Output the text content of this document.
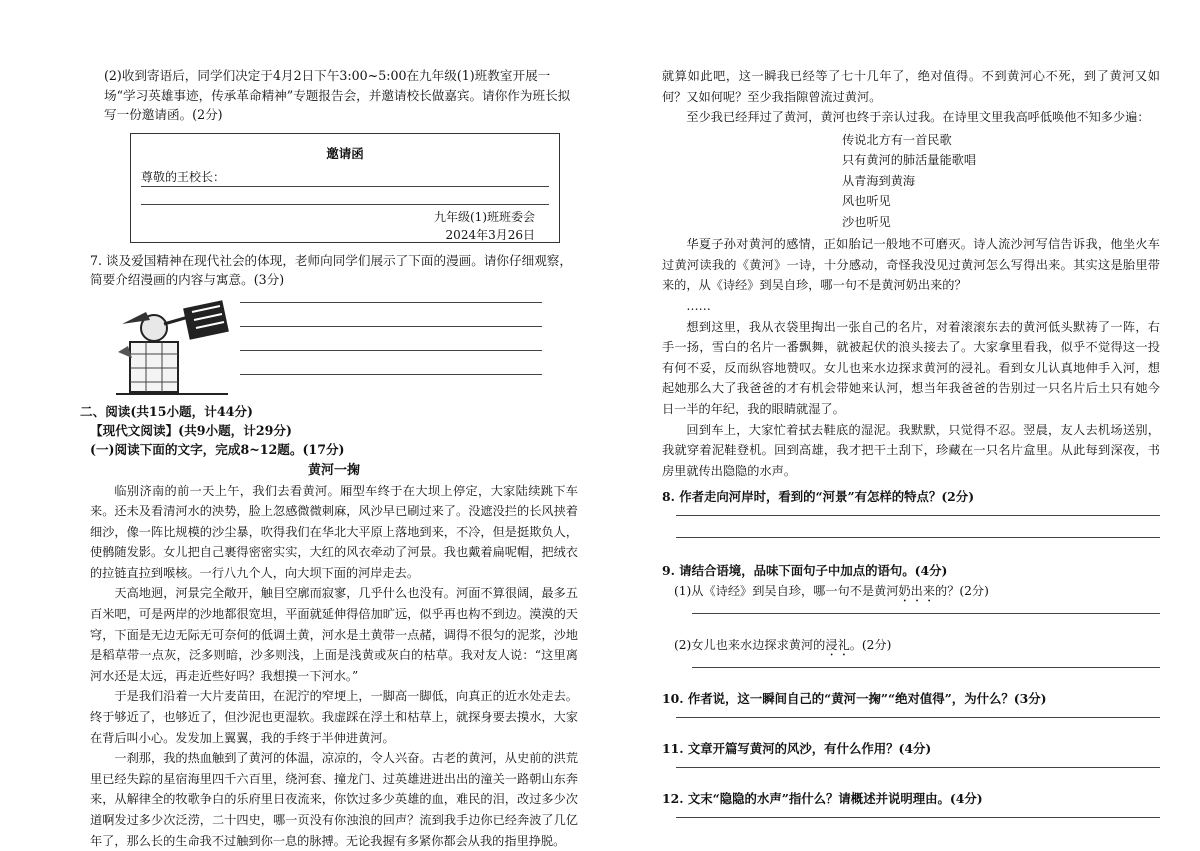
(2)收到寄语后，同学们决定于4月2日下午3:00~5:00在九年级(1)班教室开展一场“学习英雄事迹，传承革命精神”专题报告会，并邀请校长做嘉宾。请你作为班长拟写一份邀请函。(2分)

邀请函
尊敬的王校长：
九年级(1)班班委会
2024年3月26日

7. 谈及爱国精神在现代社会的体现，老师向同学们展示了下面的漫画。请你仔细观察，简要介绍漫画的内容与寓意。(3分)

二、阅读(共15小题，计44分)

【现代文阅读】(共9小题，计29分)

(一)阅读下面的文字，完成8~12题。(17分)

黄河一掬

临别济南的前一天上午，我们去看黄河。厢型车终于在大坝上停定，大家陆续跳下车来。还未及看清河水的泱势，脸上忽感微微刺麻，风沙早已刷过来了。没遮没拦的长风挟着细沙，像一阵比规模的沙尘暴，吹得我们在华北大平原上落地到来，不冷，但是挺欺负人，使鹘随发影。女儿把自己裹得密密实实，大红的风衣牵动了河景。我也戴着扁呢帽，把绒衣的拉链直拉到喉核。一行八九个人，向大坝下面的河岸走去。

天高地迥，河景完全敞开，触目空廓而寂寥，几乎什么也没有。河面不算很阔，最多五百米吧，可是两岸的沙地都很宽坦，平面就延伸得倍加旷远，似乎再也构不到边。漠漠的天穹，下面是无边无际无可奈何的低调土黄，河水是土黄带一点赭，调得不很匀的泥浆，沙地是稻草带一点灰，泛多则暗，沙多则浅，上面是浅黄或灰白的枯草。我对友人说：“这里离河水还是太远，再走近些好吗？我想摸一下河水。”

于是我们沿着一大片麦苗田，在泥泞的窄埂上，一脚高一脚低，向真正的近水处走去。终于够近了，也够近了，但沙泥也更湿软。我虚踩在浮土和枯草上，就探身要去摸水，大家在背后叫小心。发发加上翼翼，我的手终于半伸进黄河。

一刹那，我的热血触到了黄河的体温，凉凉的，令人兴奋。古老的黄河，从史前的洪荒里已经失踪的星宿海里四千六百里，绕河套、撞龙门、过英雄进进出出的潼关一路朝山东奔来，从解律全的牧歌争白的乐府里日夜流来，你饮过多少英雄的血，难民的泪，改过多少次道啊发过多少次泛涝，二十四史，哪一页没有你浊浪的回声？流到我手边你已经奔波了几亿年了，那么长的生命我不过触到你一息的脉搏。无论我握有多紧你都会从我的指里挣脱。

就算如此吧，这一瞬我已经等了七十几年了，绝对值得。不到黄河心不死，到了黄河又如何？又如何呢？至少我指隙曾流过黄河。

至少我已经拜过了黄河，黄河也终于亲认过我。在诗里文里我高呼低唤他不知多少遍：

传说北方有一首民歌
只有黄河的肺活量能歌唱
从青海到黄海
风也听见
沙也听见

华夏子孙对黄河的感情，正如胎记一般地不可磨灭。诗人流沙河写信告诉我，他坐火车过黄河读我的《黄河》一诗，十分感动，奇怪我没见过黄河怎么写得出来。其实这是胎里带来的，从《诗经》到吴自珍，哪一句不是黄河奶出来的？

……

想到这里，我从衣袋里掏出一张自己的名片，对着滚滚东去的黄河低头默祷了一阵，右手一扬，雪白的名片一番飘舞，就被起伏的浪头接去了。大家拿里看我，似乎不觉得这一投有何不妥，反而纵容地赞叹。女儿也来水边探求黄河的浸礼。看到女儿认真地伸手入河，想起她那么大了我爸爸的才有机会带她来认河，想当年我爸爸的告别过一只名片后土只有她今日一半的年纪，我的眼睛就湿了。

回到车上，大家忙着拭去鞋底的湿泥。我默默，只觉得不忍。翌晨，友人去机场送别，我就穿着泥鞋登机。回到高雄，我才把干土刮下，珍藏在一只名片盒里。从此每到深夜，书房里就传出隐隐的水声。

8. 作者走向河岸时，看到的“河景”有怎样的特点？(2分)

9. 请结合语境，品味下面句子中加点的语句。(4分)

(1)从《诗经》到吴自珍，哪一句不是黄河奶出来的？(2分)

(2)女儿也来水边探求黄河的浸礼。(2分)

10. 作者说，这一瞬间自己的“黄河一掬”“绝对值得”，为什么？(3分)

11. 文章开篇写黄河的风沙，有什么作用？(4分)

12. 文末“隐隐的水声”指什么？请概述并说明理由。(4分)
